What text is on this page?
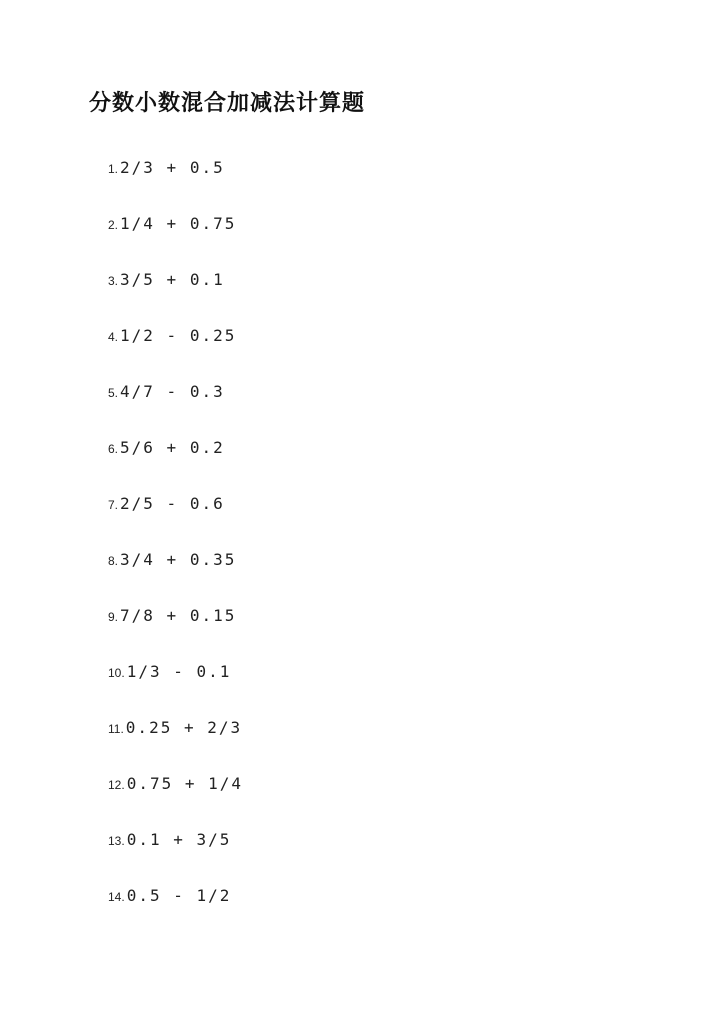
分数小数混合加减法计算题
1. 2/3 + 0.5
2. 1/4 + 0.75
3. 3/5 + 0.1
4. 1/2 - 0.25
5. 4/7 - 0.3
6. 5/6 + 0.2
7. 2/5 - 0.6
8. 3/4 + 0.35
9. 7/8 + 0.15
10. 1/3 - 0.1
11. 0.25 + 2/3
12. 0.75 + 1/4
13. 0.1 + 3/5
14. 0.5 - 1/2
